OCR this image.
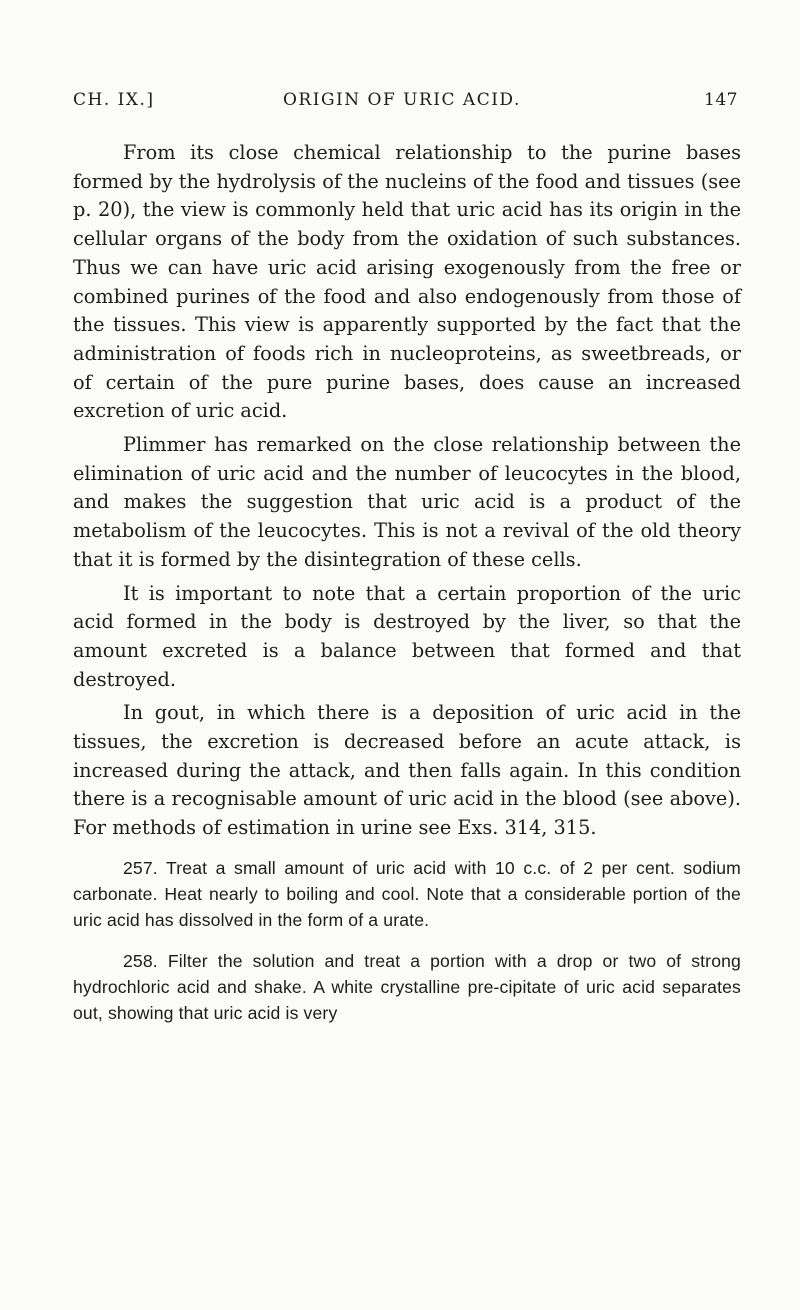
CH. IX.]	ORIGIN OF URIC ACID.	147

From its close chemical relationship to the purine bases formed by the hydrolysis of the nucleins of the food and tissues (see p. 20), the view is commonly held that uric acid has its origin in the cellular organs of the body from the oxidation of such substances. Thus we can have uric acid arising exogenously from the free or combined purines of the food and also endogenously from those of the tissues. This view is apparently supported by the fact that the administration of foods rich in nucleoproteins, as sweetbreads, or of certain of the pure purine bases, does cause an increased excretion of uric acid.

Plimmer has remarked on the close relationship between the elimination of uric acid and the number of leucocytes in the blood, and makes the suggestion that uric acid is a product of the metabolism of the leucocytes. This is not a revival of the old theory that it is formed by the disintegration of these cells.

It is important to note that a certain proportion of the uric acid formed in the body is destroyed by the liver, so that the amount excreted is a balance between that formed and that destroyed.

In gout, in which there is a deposition of uric acid in the tissues, the excretion is decreased before an acute attack, is increased during the attack, and then falls again. In this condition there is a recognisable amount of uric acid in the blood (see above). For methods of estimation in urine see Exs. 314, 315.

257. Treat a small amount of uric acid with 10 c.c. of 2 per cent. sodium carbonate. Heat nearly to boiling and cool. Note that a considerable portion of the uric acid has dissolved in the form of a urate.

258. Filter the solution and treat a portion with a drop or two of strong hydrochloric acid and shake. A white crystalline pre-cipitate of uric acid separates out, showing that uric acid is very
